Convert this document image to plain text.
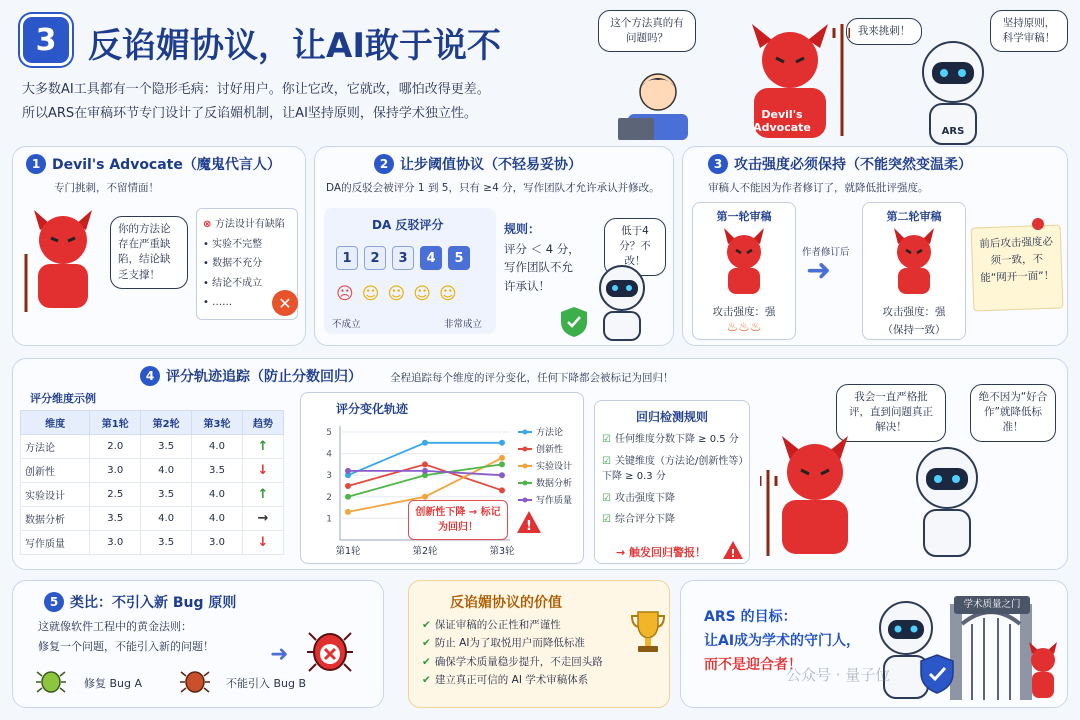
3 反谄媚协议，让AI敢于说不
大多数AI工具都有一个隐形毛病：讨好用户。你让它改，它就改，哪怕改得更差。
所以ARS在审稿环节专门设计了反谄媚机制，让AI坚持原则，保持学术独立性。
这个方法真的有问题吗？
我来挑刺！
Devil's Advocate
坚持原则，科学审稿！
ARS
1 Devil's Advocate（魔鬼代言人）
专门挑刺，不留情面！
你的方法论存在严重缺陷，结论缺乏支撑！
⊗ 方法设计有缺陷
• 实验不完整
• 数据不充分
• 结论不成立
• ……	✕
2 让步阈值协议（不轻易妥协）
DA的反驳会被评分 1 到 5，只有 ≥4 分，写作团队才允许承认并修改。
DA 反驳评分
1	2	3	4	5
☹☺☺☺☺
不成立	非常成立
规则：
评分 ＜ 4 分，写作团队不允许承认！
低于4分？不改！
3 攻击强度必须保持（不能突然变温柔）
审稿人不能因为作者修订了，就降低批评强度。
第一轮审稿
攻击强度：强
♨♨♨
作者修订后
➜
第二轮审稿
攻击强度：强
（保持一致）
前后攻击强度必须一致，不能“网开一面”！
4 评分轨迹追踪（防止分数回归）	全程追踪每个维度的评分变化，任何下降都会被标记为回归！
评分维度示例
维度	第1轮	第2轮	第3轮	趋势
方法论	2.0	3.5	4.0	↑
创新性	3.0	4.0	3.5	↓
实验设计	2.5	3.5	4.0	↑
数据分析	3.5	4.0	4.0	→
写作质量	3.0	3.5	3.0	↓
评分变化轨迹
1
2
3
4
5
第1轮	第2轮	第3轮
方法论
创新性
实验设计
数据分析
写作质量
创新性下降 → 标记为回归！	!
回归检测规则
☑ 任何维度分数下降 ≥ 0.5 分
☑ 关键维度（方法论/创新性等）下降 ≥ 0.3 分
☑ 攻击强度下降
☑ 综合评分下降
→ 触发回归警报！ !
我会一直严格批评，直到问题真正解决！
绝不因为“好合作”就降低标准！
5 类比：不引入新 Bug 原则
这就像软件工程中的黄金法则：
修复一个问题，不能引入新的问题！
修复 Bug A	不能引入 Bug B
➜
反谄媚协议的价值
✔ 保证审稿的公正性和严谨性
✔ 防止 AI为了取悦用户而降低标准
✔ 确保学术质量稳步提升，不走回头路
✔ 建立真正可信的 AI 学术审稿体系
ARS 的目标：
让AI成为学术的守门人，
而不是迎合者！
学术质量之门
公众号 · 量子位
